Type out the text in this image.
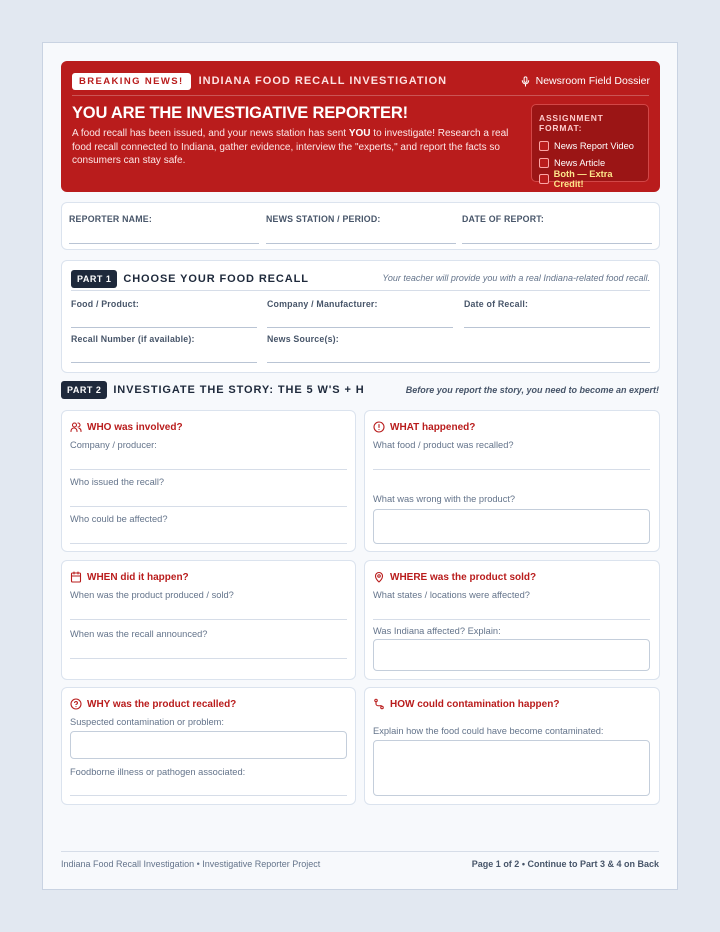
BREAKING NEWS!	INDIANA FOOD RECALL INVESTIGATION	Newsroom Field Dossier
YOU ARE THE INVESTIGATIVE REPORTER!
A food recall has been issued, and your news station has sent YOU to investigate! Research a real food recall connected to Indiana, gather evidence, interview the "experts," and report the facts so consumers can stay safe.
ASSIGNMENT FORMAT:
News Report Video
News Article
Both — Extra Credit!
REPORTER NAME:	NEWS STATION / PERIOD:	DATE OF REPORT:
PART 1	CHOOSE YOUR FOOD RECALL	Your teacher will provide you with a real Indiana-related food recall.
Food / Product:	Company / Manufacturer:	Date of Recall:
Recall Number (if available):	News Source(s):
PART 2	INVESTIGATE THE STORY: THE 5 W'S + H	Before you report the story, you need to become an expert!
WHO was involved?
Company / producer:
Who issued the recall?
Who could be affected?
WHAT happened?
What food / product was recalled?
What was wrong with the product?
WHEN did it happen?
When was the product produced / sold?
When was the recall announced?
WHERE was the product sold?
What states / locations were affected?
Was Indiana affected? Explain:
WHY was the product recalled?
Suspected contamination or problem:
Foodborne illness or pathogen associated:
HOW could contamination happen?
Explain how the food could have become contaminated:
Indiana Food Recall Investigation • Investigative Reporter Project	Page 1 of 2 • Continue to Part 3 & 4 on Back
